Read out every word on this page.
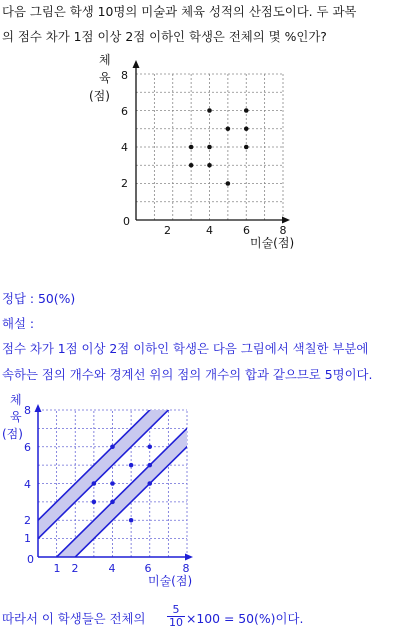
다음 그림은 학생 10명의 미술과 체육 성적의 산점도이다. 두 과목
의 점수 차가 1점 이상 2점 이하인 학생은 전체의 몇 %인가?
0
2	4	6	8
2
4
6
8
체
육
(점)
미술(점)
정답 : 50(%)
해설 :
점수 차가 1점 이상 2점 이하인 학생은 다음 그림에서 색칠한 부분에
속하는 점의 개수와 경계선 위의 점의 개수의 합과 같으므로 5명이다.
0
1 2	4	6	8
1
2
4
6
8
체
육
(점)
미술(점)
따라서 이 학생들은 전체의	$\frac{5}{10} \times 100 = 50(\%)$이다.
